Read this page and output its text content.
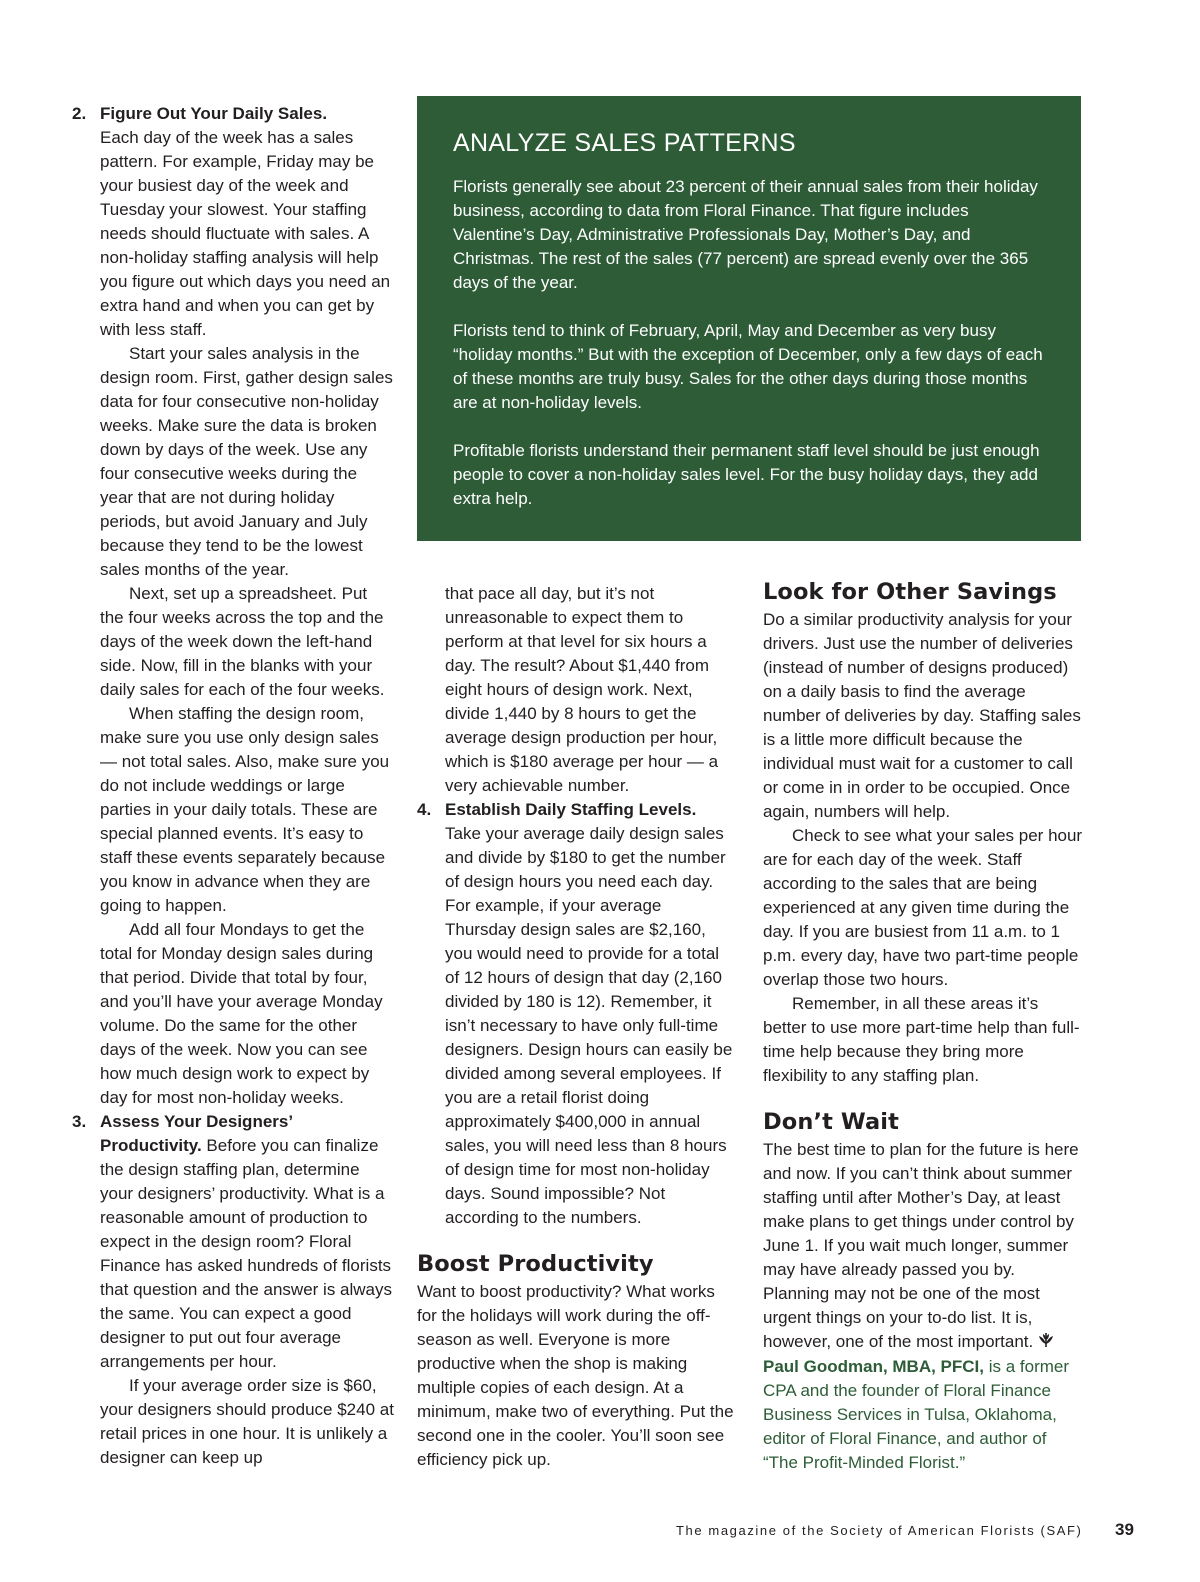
ANALYZE SALES PATTERNS

Florists generally see about 23 percent of their annual sales from their holiday business, according to data from Floral Finance. That figure includes Valentine’s Day, Administrative Professionals Day, Mother’s Day, and Christmas. The rest of the sales (77 percent) are spread evenly over the 365 days of the year.

Florists tend to think of February, April, May and December as very busy “holiday months.” But with the exception of December, only a few days of each of these months are truly busy. Sales for the other days during those months are at non-holiday levels.

Profitable florists understand their permanent staff level should be just enough people to cover a non-holiday sales level. For the busy holiday days, they add extra help.

2. Figure Out Your Daily Sales.
Each day of the week has a sales pattern. For example, Friday may be your busiest day of the week and Tuesday your slowest. Your staffing needs should fluctuate with sales. A non-holiday staffing analysis will help you figure out which days you need an extra hand and when you can get by with less staff.

Start your sales analysis in the design room. First, gather design sales data for four consecutive non-holiday weeks. Make sure the data is broken down by days of the week. Use any four consecutive weeks during the year that are not during holiday periods, but avoid January and July because they tend to be the lowest sales months of the year.

Next, set up a spreadsheet. Put the four weeks across the top and the days of the week down the left-hand side. Now, fill in the blanks with your daily sales for each of the four weeks.

When staffing the design room, make sure you use only design sales — not total sales. Also, make sure you do not include weddings or large parties in your daily totals. These are special planned events. It’s easy to staff these events separately because you know in advance when they are going to happen.

Add all four Mondays to get the total for Monday design sales during that period. Divide that total by four, and you’ll have your average Monday volume. Do the same for the other days of the week. Now you can see how much design work to expect by day for most non-holiday weeks.

3. Assess Your Designers’ Productivity. Before you can finalize the design staffing plan, determine your designers’ productivity. What is a reasonable amount of production to expect in the design room? Floral Finance has asked hundreds of florists that question and the answer is always the same. You can expect a good designer to put out four average arrangements per hour.

If your average order size is $60, your designers should produce $240 at retail prices in one hour. It is unlikely a designer can keep up

that pace all day, but it’s not unreasonable to expect them to perform at that level for six hours a day. The result? About $1,440 from eight hours of design work. Next, divide 1,440 by 8 hours to get the average design production per hour, which is $180 average per hour — a very achievable number.

4. Establish Daily Staffing Levels.
Take your average daily design sales and divide by $180 to get the number of design hours you need each day. For example, if your average Thursday design sales are $2,160, you would need to provide for a total of 12 hours of design that day (2,160 divided by 180 is 12). Remember, it isn’t necessary to have only full-time designers. Design hours can easily be divided among several employees. If you are a retail florist doing approximately $400,000 in annual sales, you will need less than 8 hours of design time for most non-holiday days. Sound impossible? Not according to the numbers.

Boost Productivity

Want to boost productivity? What works for the holidays will work during the off-season as well. Everyone is more productive when the shop is making multiple copies of each design. At a minimum, make two of everything. Put the second one in the cooler. You’ll soon see efficiency pick up.

Look for Other Savings

Do a similar productivity analysis for your drivers. Just use the number of deliveries (instead of number of designs produced) on a daily basis to find the average number of deliveries by day. Staffing sales is a little more difficult because the individual must wait for a customer to call or come in in order to be occupied. Once again, numbers will help.

Check to see what your sales per hour are for each day of the week. Staff according to the sales that are being experienced at any given time during the day. If you are busiest from 11 a.m. to 1 p.m. every day, have two part-time people overlap those two hours.

Remember, in all these areas it’s better to use more part-time help than full-time help because they bring more flexibility to any staffing plan.

Don’t Wait

The best time to plan for the future is here and now. If you can’t think about summer staffing until after Mother’s Day, at least make plans to get things under control by June 1. If you wait much longer, summer may have already passed you by. Planning may not be one of the most urgent things on your to-do list. It is, however, one of the most important.

Paul Goodman, MBA, PFCI, is a former CPA and the founder of Floral Finance Business Services in Tulsa, Oklahoma, editor of Floral Finance, and author of “The Profit-Minded Florist.”

The magazine of the Society of American Florists (SAF) 39
